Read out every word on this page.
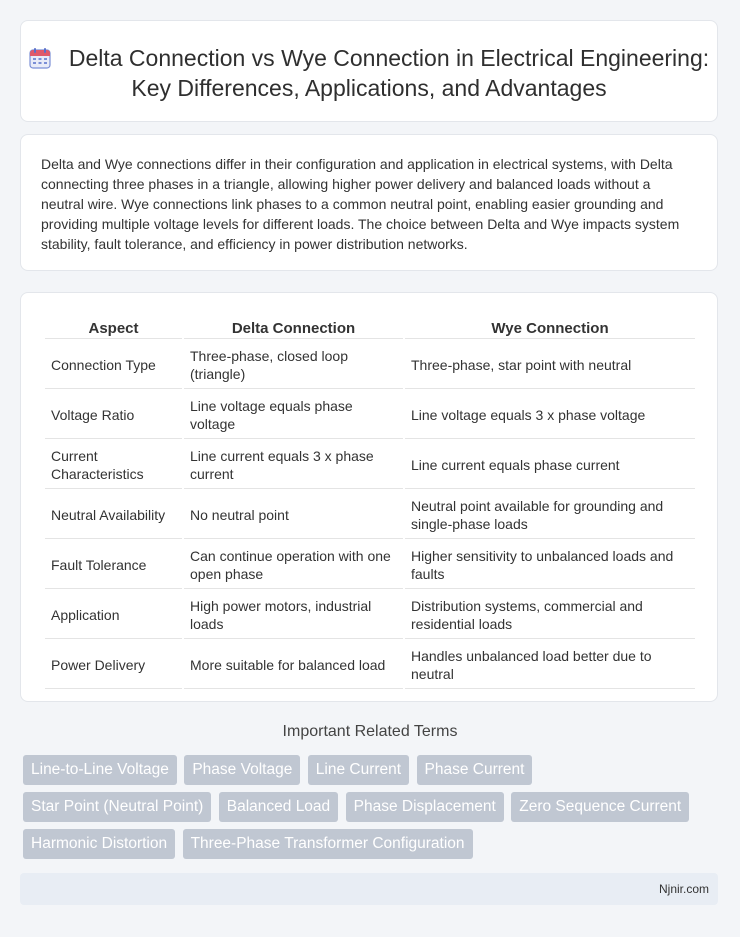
Delta Connection vs Wye Connection in Electrical Engineering: Key Differences, Applications, and Advantages
Delta and Wye connections differ in their configuration and application in electrical systems, with Delta connecting three phases in a triangle, allowing higher power delivery and balanced loads without a neutral wire. Wye connections link phases to a common neutral point, enabling easier grounding and providing multiple voltage levels for different loads. The choice between Delta and Wye impacts system stability, fault tolerance, and efficiency in power distribution networks.
Aspect	Delta Connection	Wye Connection
Connection Type	Three-phase, closed loop (triangle)	Three-phase, star point with neutral
Voltage Ratio	Line voltage equals phase voltage	Line voltage equals 3 x phase voltage
Current Characteristics	Line current equals 3 x phase current	Line current equals phase current
Neutral Availability	No neutral point	Neutral point available for grounding and single-phase loads
Fault Tolerance	Can continue operation with one open phase	Higher sensitivity to unbalanced loads and faults
Application	High power motors, industrial loads	Distribution systems, commercial and residential loads
Power Delivery	More suitable for balanced load	Handles unbalanced load better due to neutral
Important Related Terms
Line-to-Line Voltage Phase Voltage Line Current Phase Current
Star Point (Neutral Point) Balanced Load Phase Displacement Zero Sequence Current
Harmonic Distortion Three-Phase Transformer Configuration
Njnir.com
